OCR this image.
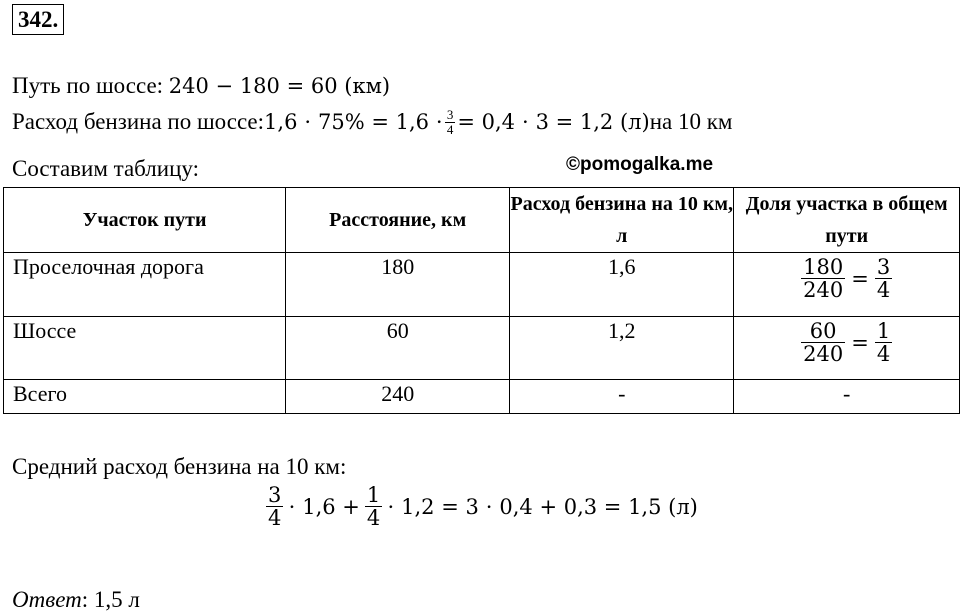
342.
Путь по шоссе: 240 − 180 = 60 (км)
Расход бензина по шоссе: $1,6 \cdot 75\% = 1,6 \cdot \frac{3}{4} = 0,4 \cdot 3 = 1,2$ (л) на 10 км
Составим таблицу:	©pomogalka.me
Участок пути	Расстояние, км	Расход бензина на 10 км, л	Доля участка в общем пути
Проселочная дорога	180	1,6	$\frac{180}{240} = \frac{3}{4}$

Шоссе	60	1,2	$\frac{60}{240} = \frac{1}{4}$

Всего	240	-	-
Средний расход бензина на 10 км:
$\frac{3}{4} \cdot 1,6 + \frac{1}{4} \cdot 1,2 = 3 \cdot 0,4 + 0,3 = 1,5$ (л)
Ответ: 1,5 л
